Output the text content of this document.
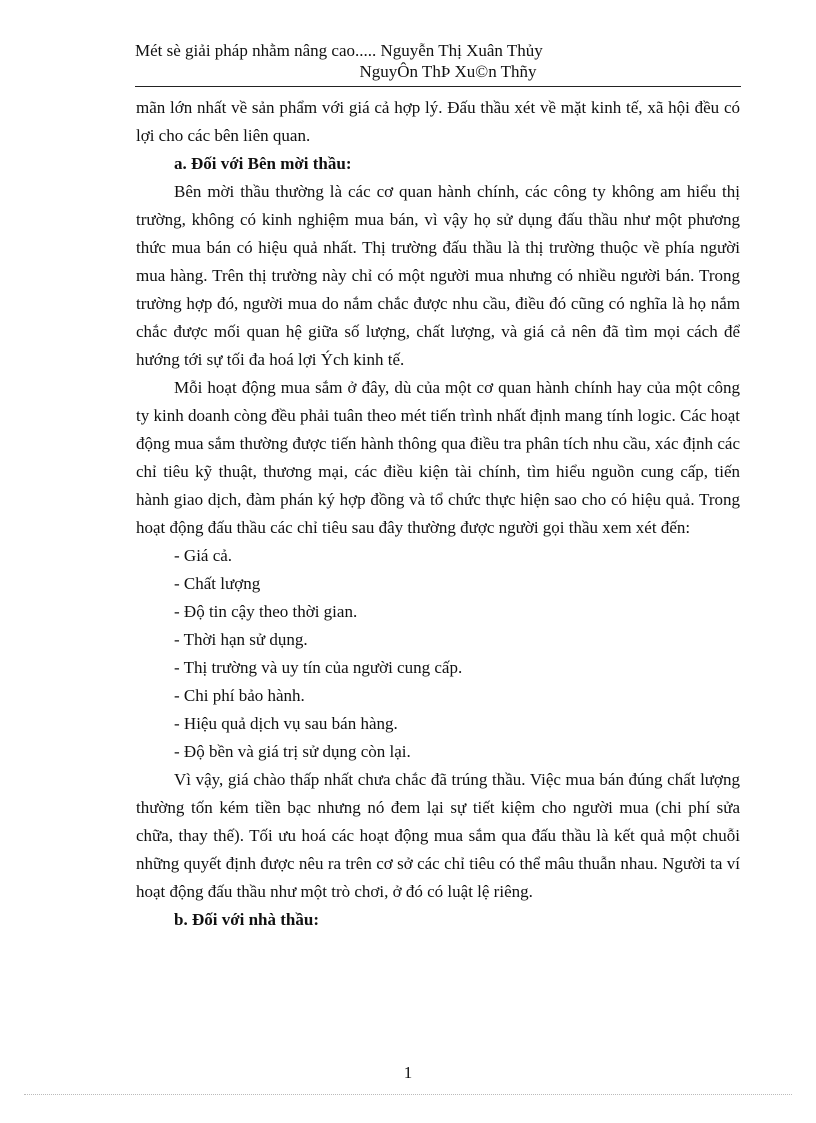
Mét sè giải pháp nhằm nâng cao..... Nguyễn Thị Xuân Thủy
NguyÔn ThÞ Xu©n Thñy

mãn lớn nhất về sản phẩm với giá cả hợp lý. Đấu thầu xét về mặt kinh tế, xã hội đều có lợi cho các bên liên quan.

a. Đối với Bên mời thầu:

Bên mời thầu thường là các cơ quan hành chính, các công ty không am hiểu thị trường, không có kinh nghiệm mua bán, vì vậy họ sử dụng đấu thầu như một phương thức mua bán có hiệu quả nhất. Thị trường đấu thầu là thị trường thuộc về phía người mua hàng. Trên thị trường này chỉ có một người mua nhưng có nhiều người bán. Trong trường hợp đó, người mua do nắm chắc được nhu cầu, điều đó cũng có nghĩa là họ nắm chắc được mối quan hệ giữa số lượng, chất lượng, và giá cả nên đã tìm mọi cách để hướng tới sự tối đa hoá lợi Ých kinh tế.

Mỗi hoạt động mua sắm ở đây, dù của một cơ quan hành chính hay của một công ty kinh doanh còng đều phải tuân theo mét tiến trình nhất định mang tính logic. Các hoạt động mua sắm thường được tiến hành thông qua điều tra phân tích nhu cầu, xác định các chỉ tiêu kỹ thuật, thương mại, các điều kiện tài chính, tìm hiểu nguồn cung cấp, tiến hành giao dịch, đàm phán ký hợp đồng và tổ chức thực hiện sao cho có hiệu quả. Trong hoạt động đấu thầu các chỉ tiêu sau đây thường được người gọi thầu xem xét đến:

- Giá cả.
- Chất lượng
- Độ tin cậy theo thời gian.
- Thời hạn sử dụng.
- Thị trường và uy tín của người cung cấp.
- Chi phí bảo hành.
- Hiệu quả dịch vụ sau bán hàng.
- Độ bền và giá trị sử dụng còn lại.

Vì vậy, giá chào thấp nhất chưa chắc đã trúng thầu. Việc mua bán đúng chất lượng thường tốn kém tiền bạc nhưng nó đem lại sự tiết kiệm cho người mua (chi phí sửa chữa, thay thế). Tối ưu hoá các hoạt động mua sắm qua đấu thầu là kết quả một chuỗi những quyết định được nêu ra trên cơ sở các chỉ tiêu có thể mâu thuẫn nhau. Người ta ví hoạt động đấu thầu như một trò chơi, ở đó có luật lệ riêng.

b. Đối với nhà thầu:

1
